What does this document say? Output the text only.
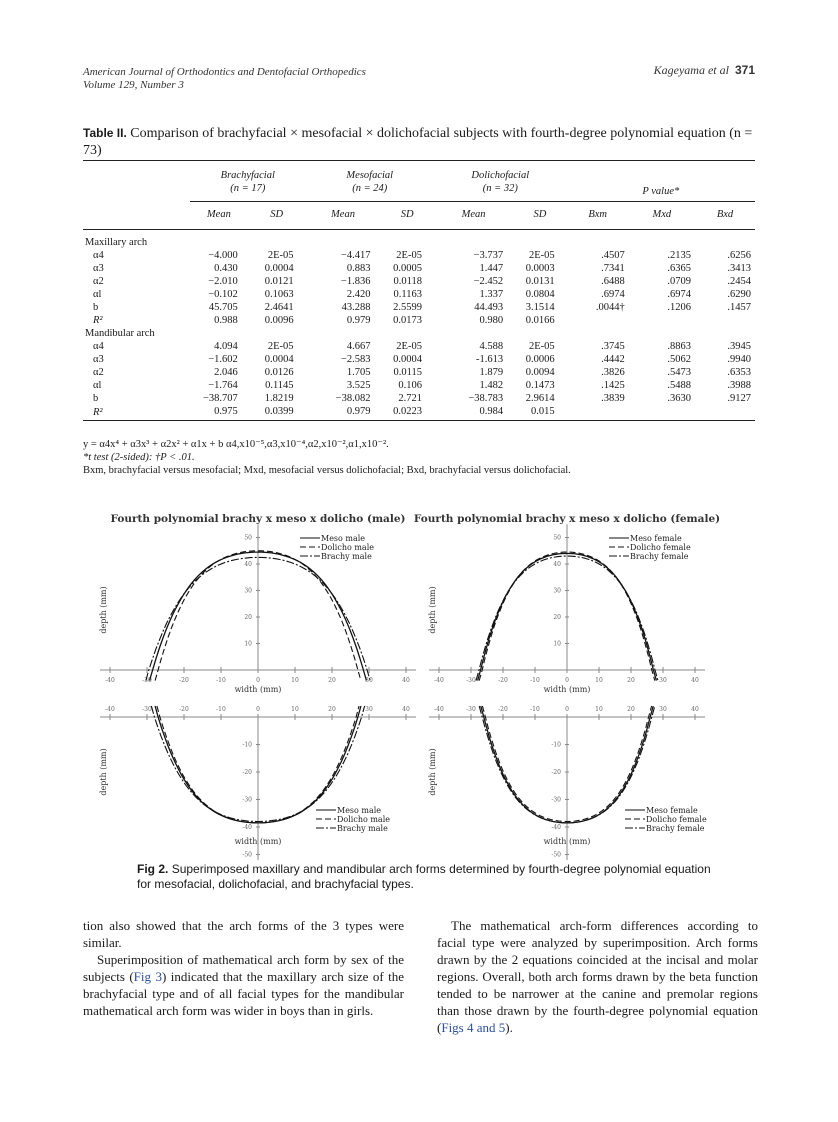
American Journal of Orthodontics and Dentofacial Orthopedics
Volume 129, Number 3
Kageyama et al 371
Table II. Comparison of brachyfacial × mesofacial × dolichofacial subjects with fourth-degree polynomial equation (n = 73)
	Brachyfacial		Mesofacial		Dolichofacial				
	(n = 17)		(n = 24)		(n = 32)		P value*		
	Mean	SD	Mean	SD	Mean	SD	Bxm	Mxd	Bxd
Maxillary arch									
α4	−4.000	2E-05	−4.417	2E-05	−3.737	2E-05	.4507	.2135	.6256
α3	0.430	0.0004	0.883	0.0005	1.447	0.0003	.7341	.6365	.3413
α2	−2.010	0.0121	−1.836	0.0118	−2.452	0.0131	.6488	.0709	.2454
αl	−0.102	0.1063	2.420	0.1163	1.337	0.0804	.6974	.6974	.6290
b	45.705	2.4641	43.288	2.5599	44.493	3.1514	.0044†	.1206	.1457
R²	0.988	0.0096	0.979	0.0173	0.980	0.0166			
Mandibular arch									
α4	4.094	2E-05	4.667	2E-05	4.588	2E-05	.3745	.8863	.3945
α3	−1.602	0.0004	−2.583	0.0004	-1.613	0.0006	.4442	.5062	.9940
α2	2.046	0.0126	1.705	0.0115	1.879	0.0094	.3826	.5473	.6353
αl	−1.764	0.1145	3.525	0.106	1.482	0.1473	.1425	.5488	.3988
b	−38.707	1.8219	−38.082	2.721	−38.783	2.9614	.3839	.3630	.9127
R²	0.975	0.0399	0.979	0.0223	0.984	0.015			
y = α4x⁴ + α3x³ + α2x² + α1x + b α4,x10⁻⁵,α3,x10⁻⁴,α2,x10⁻²,α1,x10⁻².
*t test (2-sided): †P < .01.
Bxm, brachyfacial versus mesofacial; Mxd, mesofacial versus dolichofacial; Bxd, brachyfacial versus dolichofacial.
-40	-30	-20	-10	0	10	20	30	40
50
40
30
20
10
Meso male
Dolicho male
Brachy male
Fourth polynomial brachy x meso x dolicho (male)
width (mm)
depth (mm)
-40	-30	-20	-10	0	10	20	30	40
50
40
30
20
10
Meso female
Dolicho female
Brachy female
Fourth polynomial brachy x meso x dolicho (female)
width (mm)
depth (mm)
-40	-30	-20	-10	0	10	20	30	40
-10
-20
-30
-40
-50
Meso male
Dolicho male
Brachy male
width (mm)
depth (mm)
-40	-30	-20	-10	0	10	20	30	40
-10
-20
-30
-40
-50
Meso female
Dolicho female
Brachy female
width (mm)
depth (mm)
Fig 2. Superimposed maxillary and mandibular arch forms determined by fourth-degree polynomial equation for mesofacial, dolichofacial, and brachyfacial types.

tion also showed that the arch forms of the 3 types were similar.

Superimposition of mathematical arch form by sex of the subjects (Fig 3) indicated that the maxillary arch size of the brachyfacial type and of all facial types for the mandibular mathematical arch form was wider in boys than in girls.

The mathematical arch-form differences according to facial type were analyzed by superimposition. Arch forms drawn by the 2 equations coincided at the incisal and molar regions. Overall, both arch forms drawn by the beta function tended to be narrower at the canine and premolar regions than those drawn by the fourth-degree polynomial equation (Figs 4 and 5).
